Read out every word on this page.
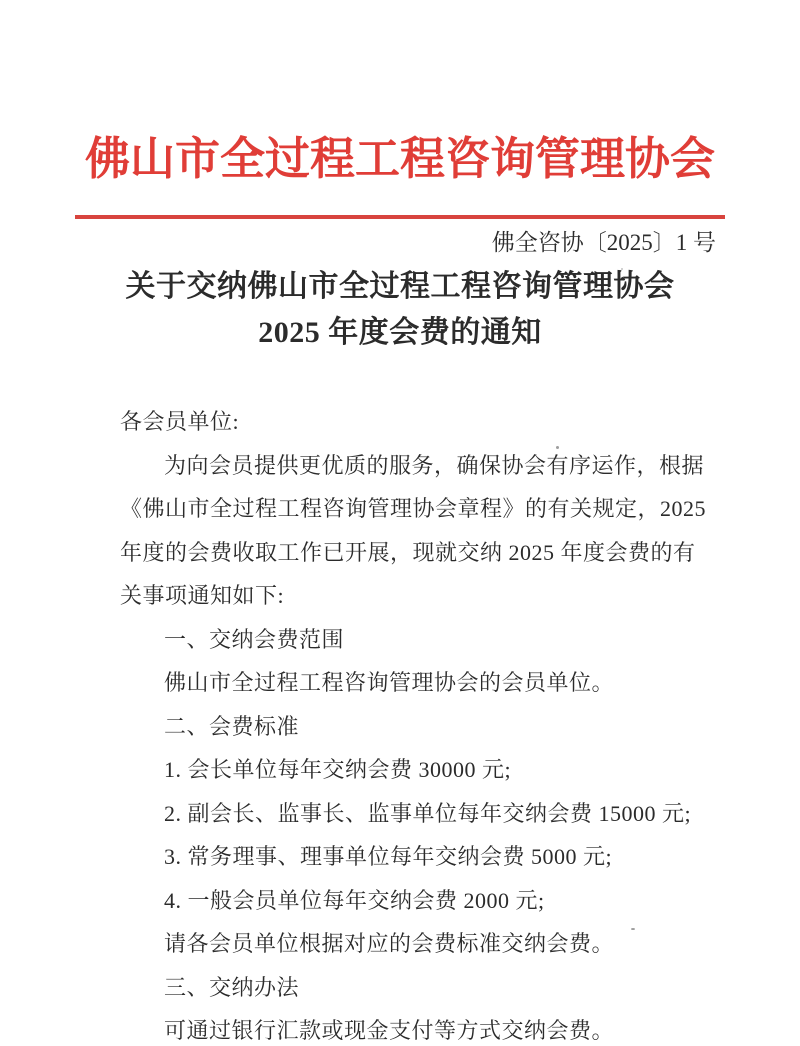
佛山市全过程工程咨询管理协会
佛全咨协〔2025〕1 号
关于交纳佛山市全过程工程咨询管理协会
2025 年度会费的通知
各会员单位:
为向会员提供更优质的服务，确保协会有序运作，根据
《佛山市全过程工程咨询管理协会章程》的有关规定，2025
年度的会费收取工作已开展，现就交纳 2025 年度会费的有
关事项通知如下:
一、交纳会费范围
佛山市全过程工程咨询管理协会的会员单位。
二、会费标准
1. 会长单位每年交纳会费 30000 元;
2. 副会长、监事长、监事单位每年交纳会费 15000 元;
3. 常务理事、理事单位每年交纳会费 5000 元;
4. 一般会员单位每年交纳会费 2000 元;
请各会员单位根据对应的会费标准交纳会费。
三、交纳办法
可通过银行汇款或现金支付等方式交纳会费。
